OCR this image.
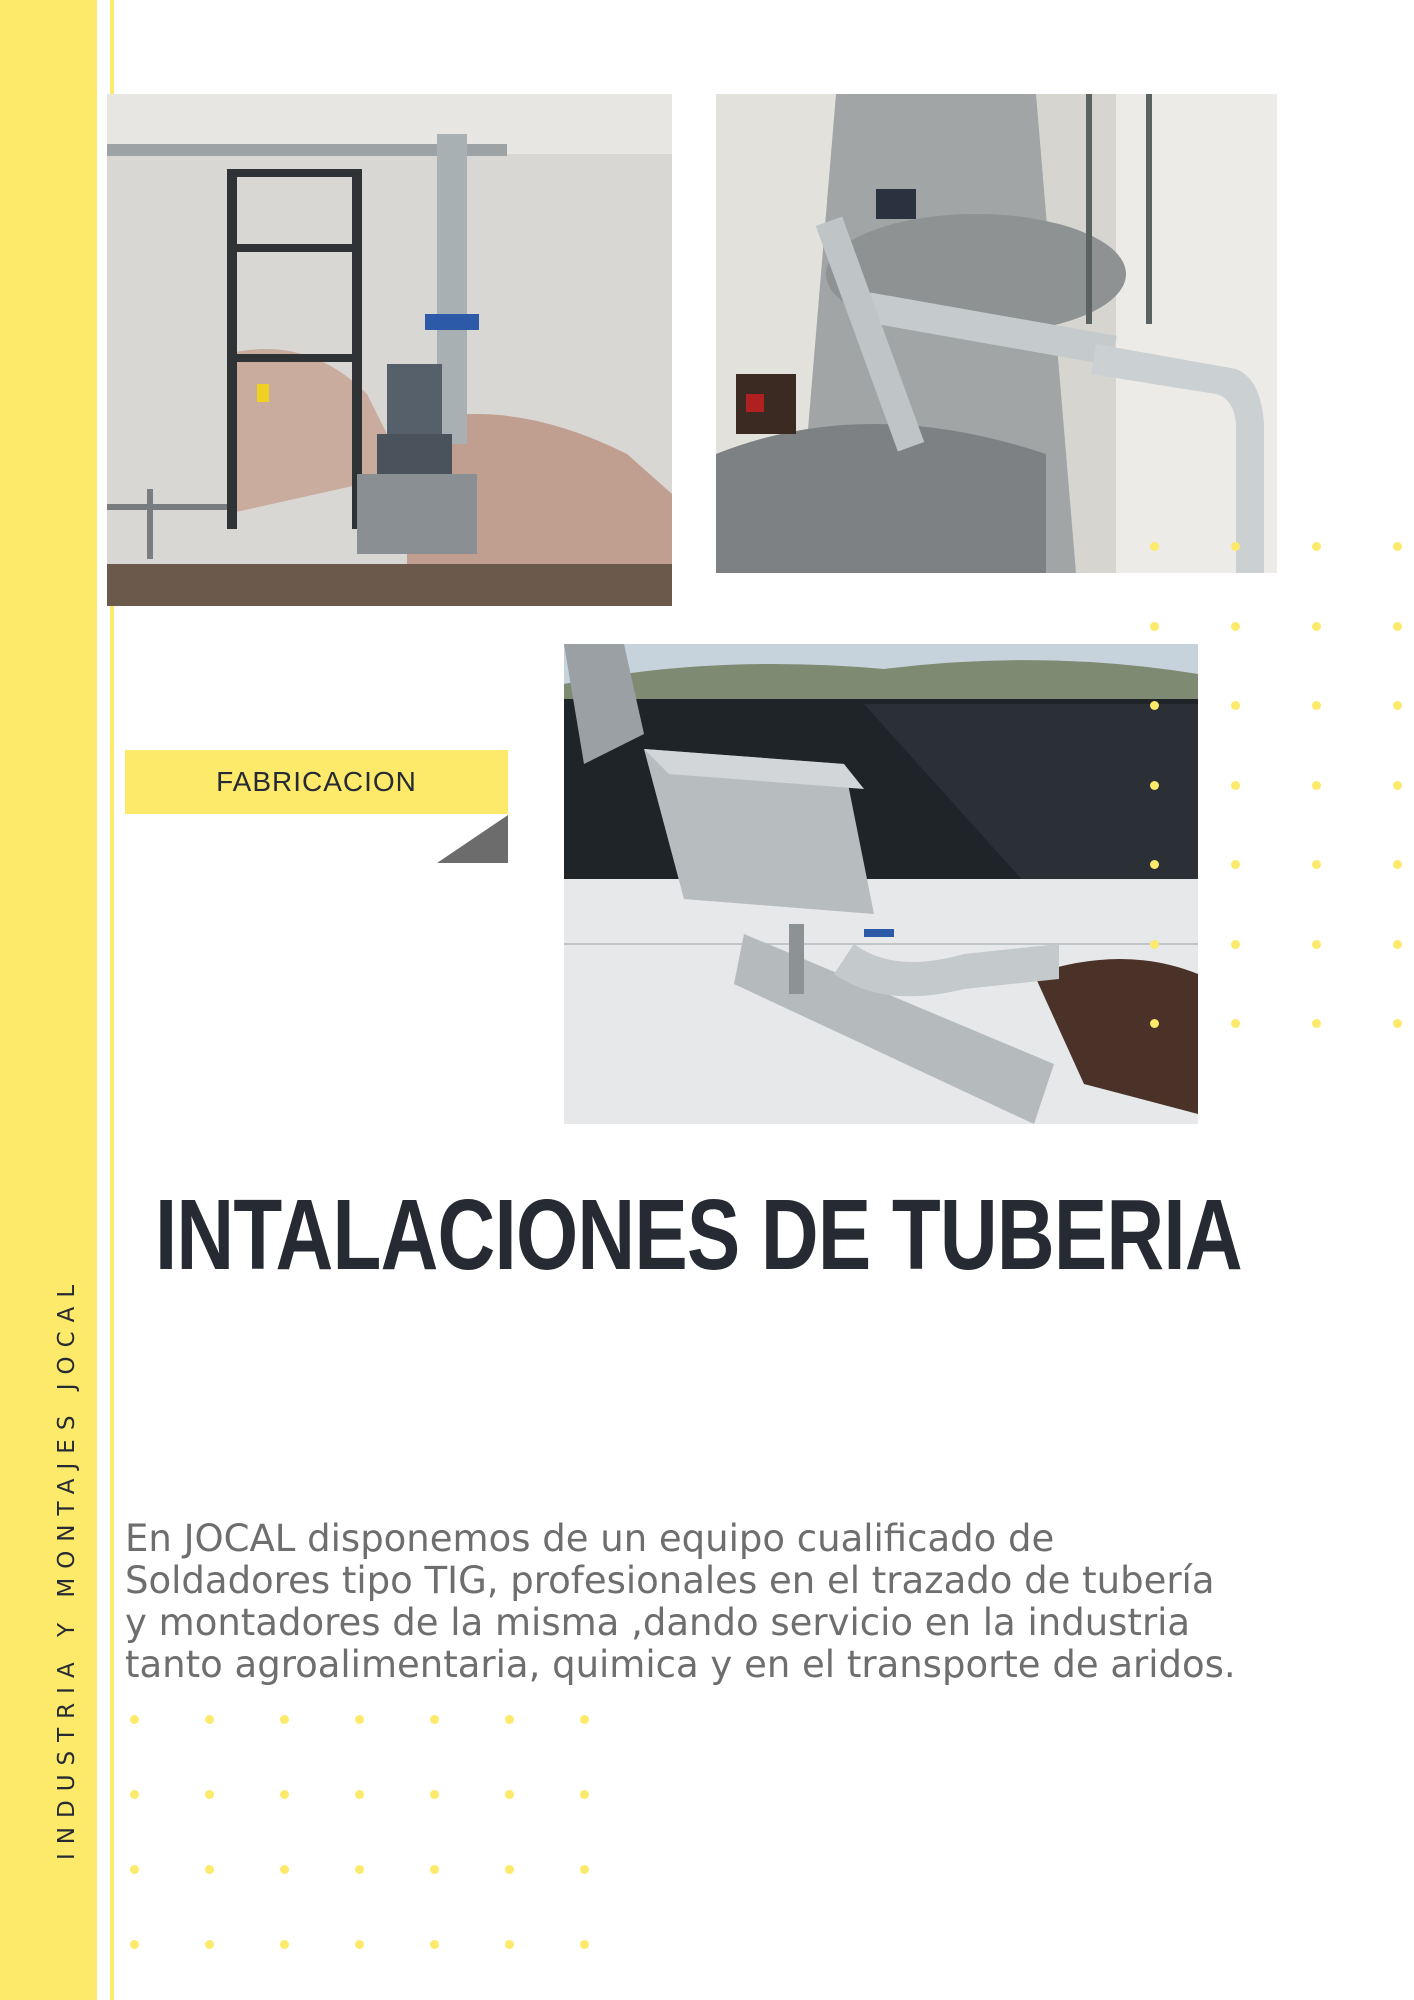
INDUSTRIA Y MONTAJES JOCAL
FABRICACION
INTALACIONES DE TUBERIA
En JOCAL disponemos de un equipo cualificado de
Soldadores tipo TIG, profesionales en el trazado de tubería
y montadores de la misma ,dando servicio en la industria
tanto agroalimentaria, quimica y en el transporte de aridos.
